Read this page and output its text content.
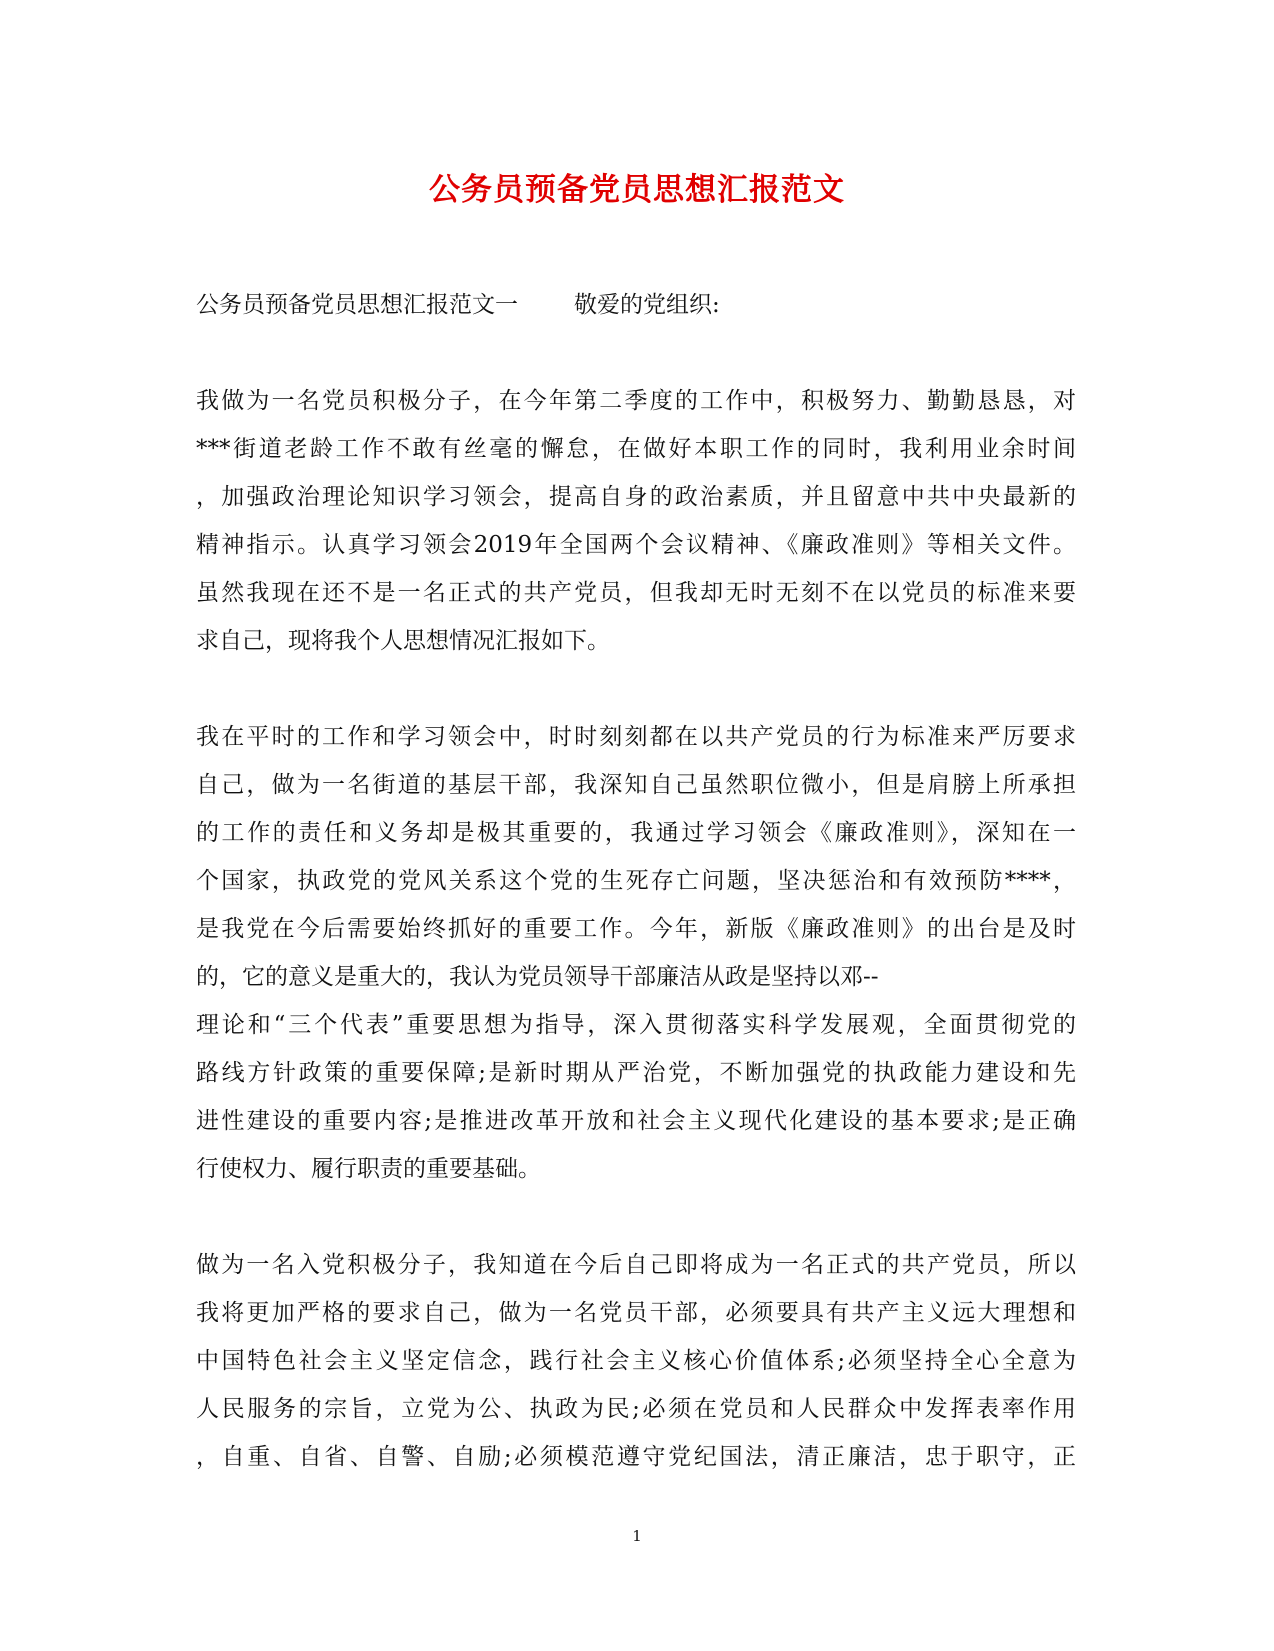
公务员预备党员思想汇报范文
公务员预备党员思想汇报范文一 敬爱的党组织:
我做为一名党员积极分子，在今年第二季度的工作中，积极努力、勤勤恳恳，对
***街道老龄工作不敢有丝毫的懈怠，在做好本职工作的同时，我利用业余时间
，加强政治理论知识学习领会，提高自身的政治素质，并且留意中共中央最新的
精神指示。认真学习领会2019年全国两个会议精神、《廉政准则》等相关文件。
虽然我现在还不是一名正式的共产党员，但我却无时无刻不在以党员的标准来要
求自己，现将我个人思想情况汇报如下。
我在平时的工作和学习领会中，时时刻刻都在以共产党员的行为标准来严厉要求
自己，做为一名街道的基层干部，我深知自己虽然职位微小，但是肩膀上所承担
的工作的责任和义务却是极其重要的，我通过学习领会《廉政准则》，深知在一
个国家，执政党的党风关系这个党的生死存亡问题，坚决惩治和有效预防****，
是我党在今后需要始终抓好的重要工作。今年，新版《廉政准则》的出台是及时
的，它的意义是重大的，我认为党员领导干部廉洁从政是坚持以邓--
理论和“三个代表”重要思想为指导，深入贯彻落实科学发展观，全面贯彻党的
路线方针政策的重要保障;是新时期从严治党，不断加强党的执政能力建设和先
进性建设的重要内容;是推进改革开放和社会主义现代化建设的基本要求;是正确
行使权力、履行职责的重要基础。
做为一名入党积极分子，我知道在今后自己即将成为一名正式的共产党员，所以
我将更加严格的要求自己，做为一名党员干部，必须要具有共产主义远大理想和
中国特色社会主义坚定信念，践行社会主义核心价值体系;必须坚持全心全意为
人民服务的宗旨，立党为公、执政为民;必须在党员和人民群众中发挥表率作用
，自重、自省、自警、自励;必须模范遵守党纪国法，清正廉洁，忠于职守，正
1
